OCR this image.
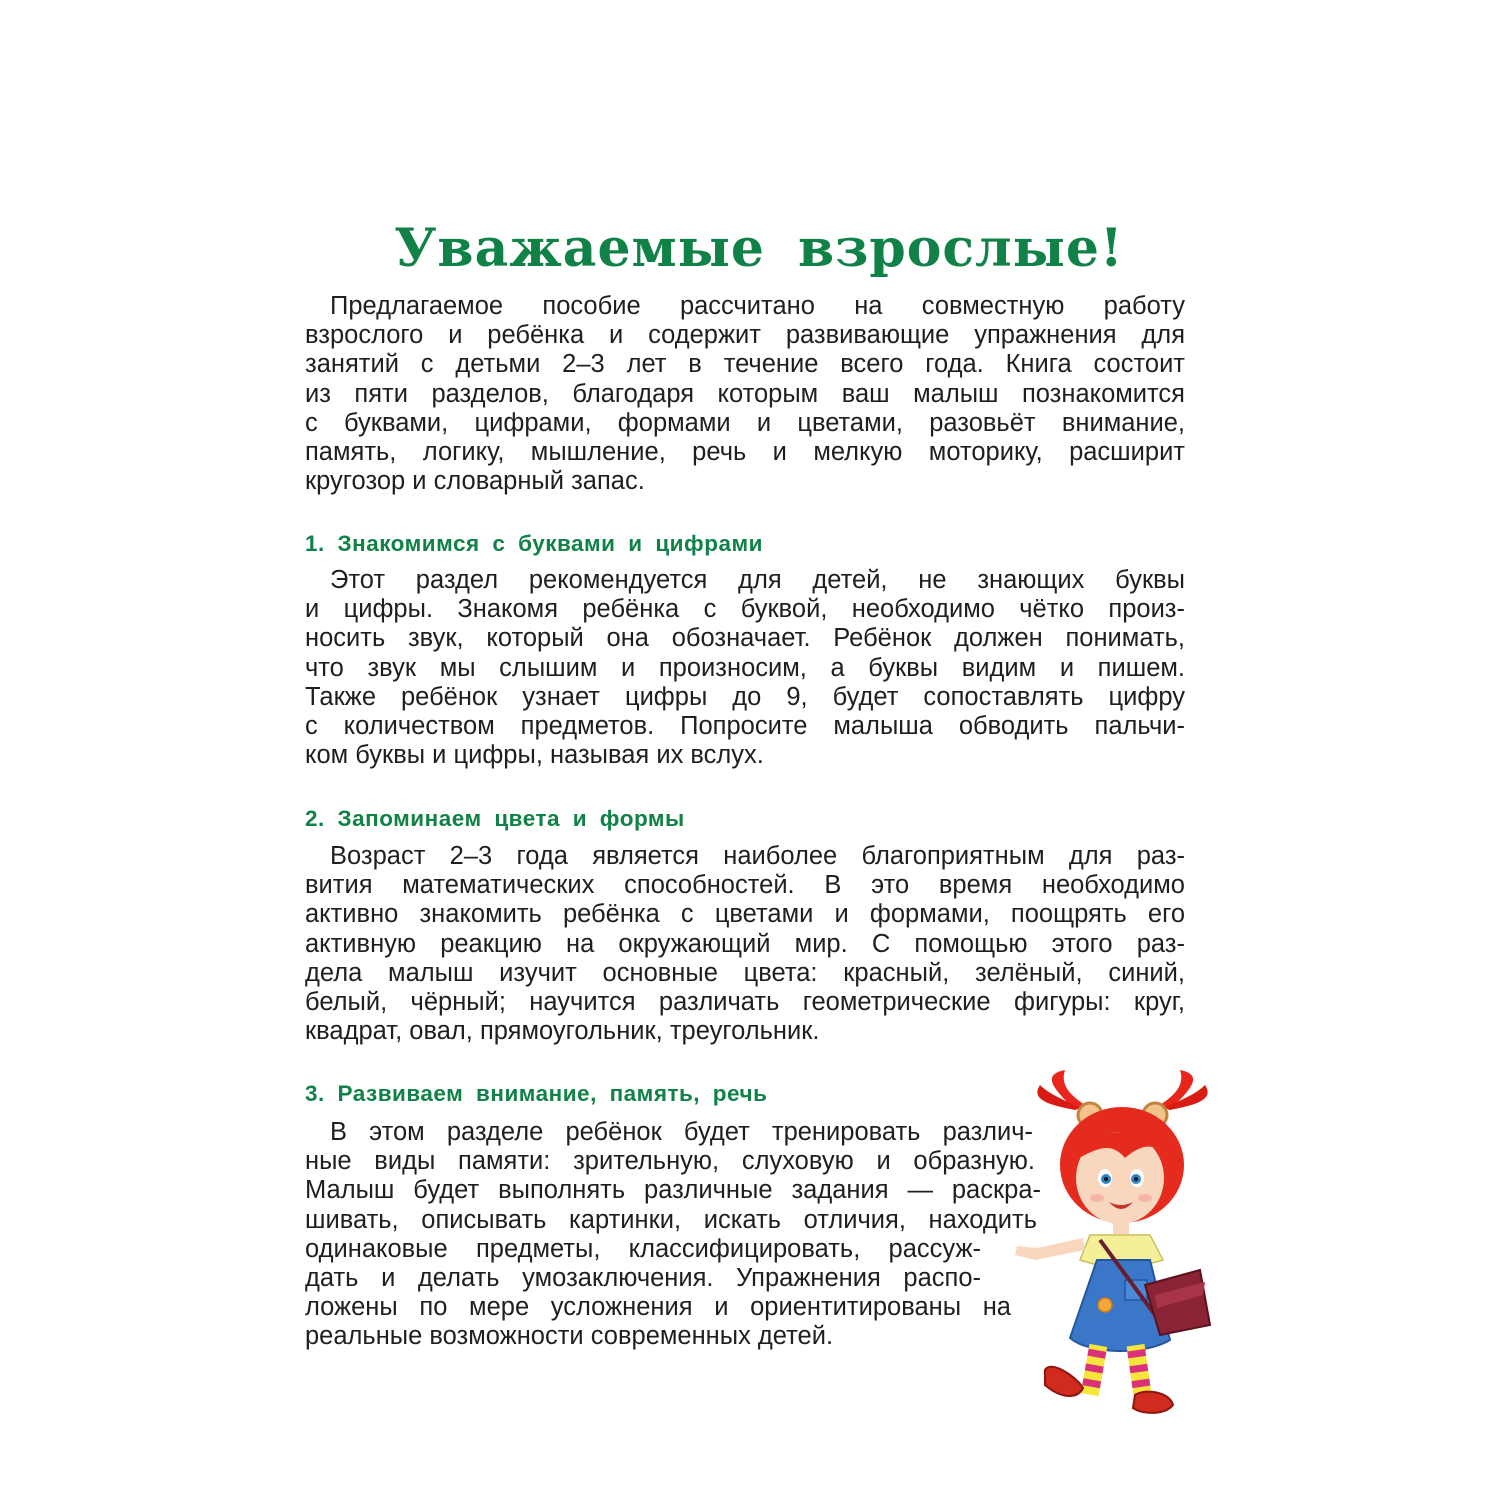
Уважаемые взрослые!
Предлагаемое пособие рассчитано на совместную работу
взрослого и ребёнка и содержит развивающие упражнения для
занятий с детьми 2–3 лет в течение всего года. Книга состоит
из пяти разделов, благодаря которым ваш малыш познакомится
с буквами, цифрами, формами и цветами, разовьёт внимание,
память, логику, мышление, речь и мелкую моторику, расширит
кругозор и словарный запас.
1. Знакомимся с буквами и цифрами
Этот раздел рекомендуется для детей, не знающих буквы
и цифры. Знакомя ребёнка с буквой, необходимо чётко произ-
носить звук, который она обозначает. Ребёнок должен понимать,
что звук мы слышим и произносим, а буквы видим и пишем.
Также ребёнок узнает цифры до 9, будет сопоставлять цифру
с количеством предметов. Попросите малыша обводить пальчи-
ком буквы и цифры, называя их вслух.
2. Запоминаем цвета и формы
Возраст 2–3 года является наиболее благоприятным для раз-
вития математических способностей. В это время необходимо
активно знакомить ребёнка с цветами и формами, поощрять его
активную реакцию на окружающий мир. С помощью этого раз-
дела малыш изучит основные цвета: красный, зелёный, синий,
белый, чёрный; научится различать геометрические фигуры: круг,
квадрат, овал, прямоугольник, треугольник.
3. Развиваем внимание, память, речь
В этом разделе ребёнок будет тренировать различ-
ные виды памяти: зрительную, слуховую и образную.
Малыш будет выполнять различные задания — раскра-
шивать, описывать картинки, искать отличия, находить
одинаковые предметы, классифицировать, рассуж-
дать и делать умозаключения. Упражнения распо-
ложены по мере усложнения и ориентитированы на
реальные возможности современных детей.
